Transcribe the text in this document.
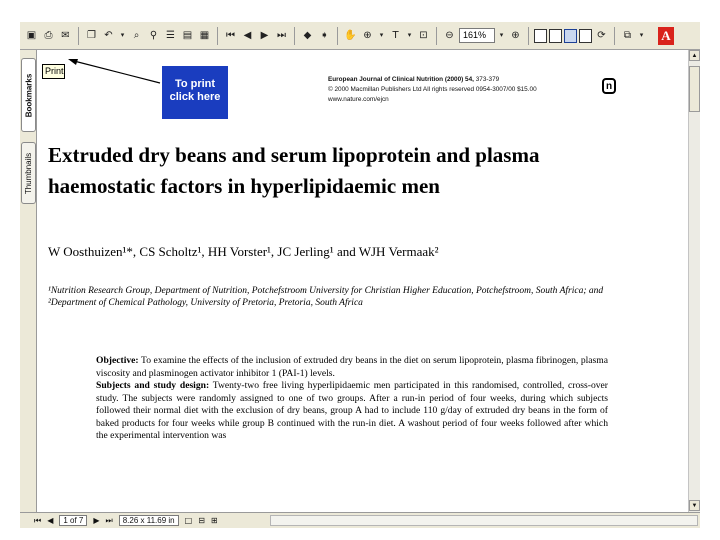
▣ ⎙ ✉	❐ ↶	▾ ⌕	⚲ ☰ ▤ ▦	⏮ ◀ ▶ ⏭	◆ ➧	✋ ⊕	▾ T	▾ ⊡	⊖	161%	▾ ⊕	⟳	⧉	▾ A
Bookmarks
Thumbnails
European Journal of Clinical Nutrition (2000) 54, 373-379
© 2000 Macmillan Publishers Ltd All rights reserved 0954-3007/00 $15.00
www.nature.com/ejcn
n
Extruded dry beans and serum lipoprotein and plasma haemostatic factors in hyperlipidaemic men
W Oosthuizen¹*, CS Scholtz¹, HH Vorster¹, JC Jerling¹ and WJH Vermaak²
¹Nutrition Research Group, Department of Nutrition, Potchefstroom University for Christian Higher Education, Potchefstroom, South Africa; and ²Department of Chemical Pathology, University of Pretoria, Pretoria, South Africa
Objective: To examine the effects of the inclusion of extruded dry beans in the diet on serum lipoprotein, plasma fibrinogen, plasma viscosity and plasminogen activator inhibitor 1 (PAI-1) levels.
Subjects and study design: Twenty-two free living hyperlipidaemic men participated in this randomised, controlled, cross-over study. The subjects were randomly assigned to one of two groups. After a run-in period of four weeks, during which subjects followed their normal diet with the exclusion of dry beans, group A had to include 110 g/day of extruded dry beans in the form of baked products for four weeks while group B continued with the run-in diet. A washout period of four weeks followed after which the experimental intervention was
▲
▼
⏮ ◀	1 of 7	▶ ⏭	8.26 x 11.69 in	□ ⊟ ⊞
Print
To print
click here
